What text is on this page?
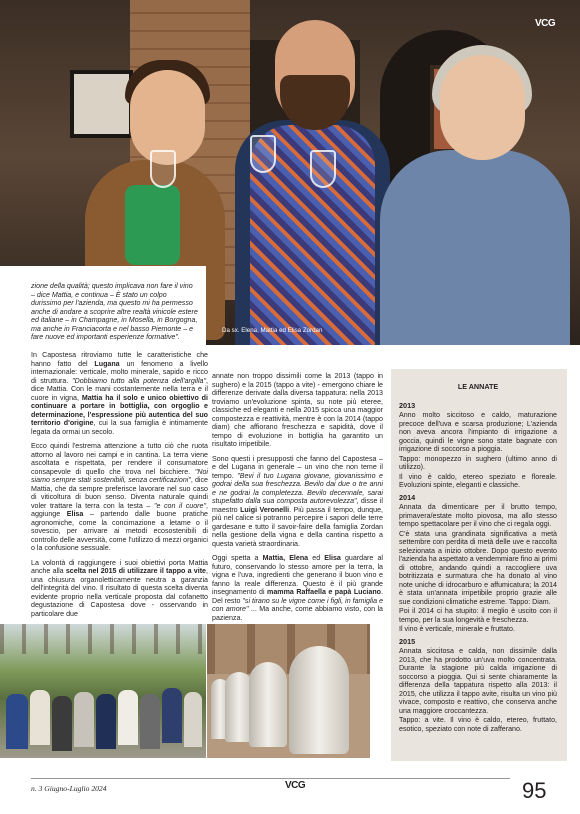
VCG
Da sx. Elena, Mattia ed Elisa Zordan

zione della qualità; questo implicava non fare il vino – dice Mattia, e continua – È stato un colpo durissimo per l'azienda, ma questo mi ha permesso anche di andare a scoprire altre realtà vinicole estere ed italiane – in Champagne, in Mosella, in Borgogna, ma anche in Franciacorta e nel basso Piemonte – e fare nuove ed importanti esperienze formative".

In Capostesa ritroviamo tutte le caratteristiche che hanno fatto del Lugana un fenomeno a livello internazionale: verticale, molto minerale, sapido e ricco di struttura. "Dobbiamo tutto alla potenza dell'argilla", dice Mattia. Con le mani costantemente nella terra e il cuore in vigna, Mattia ha il solo e unico obiettivo di continuare a portare in bottiglia, con orgoglio e determinazione, l'espressione più autentica del suo territorio d'origine, cui la sua famiglia è intimamente legata da ormai un secolo.

Ecco quindi l'estrema attenzione a tutto ciò che ruota attorno al lavoro nei campi e in cantina. La terra viene ascoltata e rispettata, per rendere il consumatore consapevole di quello che trova nel bicchiere. "Noi siamo sempre stati sostenibili, senza certificazioni", dice Mattia, che da sempre preferisce lavorare nel suo caso di viticoltura di buon senso. Diventa naturale quindi voler trattare la terra con la testa – "e con il cuore", aggiunge Elisa – partendo dalle buone pratiche agronomiche, come la concimazione a letame o il sovescio, per arrivare ai metodi ecosostenibili di controllo delle avversità, come l'utilizzo di mezzi organici o la confusione sessuale.

La volontà di raggiungere i suoi obiettivi porta Mattia anche alla scelta nel 2015 di utilizzare il tappo a vite, una chiusura organoletticamente neutra a garanzia dell'integrità del vino. Il risultato di questa scelta diventa evidente proprio nella verticale proposta dal cofanetto degustazione di Capostesa dove - osservando in particolare due

annate non troppo dissimili come la 2013 (tappo in sughero) e la 2015 (tappo a vite) - emergono chiare le differenze derivate dalla diversa tappatura: nella 2013 troviamo un'evoluzione spinta, su note più eteree, classiche ed eleganti e nella 2015 spicca una maggior compostezza e reattività, mentre è con la 2014 (tappo diam) che affiorano freschezza e sapidità, dove il tempo di evoluzione in bottiglia ha garantito un risultato irripetibile.

Sono questi i presupposti che fanno del Capostesa – e del Lugana in generale – un vino che non teme il tempo. "Bevi il tuo Lugana giovane, giovanissimo e godrai della sua freschezza. Bevilo dai due o tre anni e ne godrai la completezza. Bevilo decennale, sarai stupefatto dalla sua composta autorevolezza", disse il maestro Luigi Veronelli. Più passa il tempo, dunque, più nel calice si potranno percepire i sapori delle terre gardesane e tutto il savoir-faire della famiglia Zordan nella gestione della vigna e della cantina rispetto a questa varietà straordinaria.

Oggi spetta a Mattia, Elena ed Elisa guardare al futuro, conservando lo stesso amore per la terra, la vigna e l'uva, ingredienti che generano il buon vino e fanno la reale differenza. Questo è il più grande insegnamento di mamma Raffaella e papà Luciano. Del resto "si tirano su le vigne come i figli, in famiglia e con amore" ... Ma anche, come abbiamo visto, con la pazienza.

LE ANNATE
2013

Anno molto siccitoso e caldo, maturazione precoce dell'uva e scarsa produzione; L'azienda non aveva ancora l'impianto di irrigazione a goccia, quindi le vigne sono state bagnate con irrigazione di soccorso a pioggia.

Tappo: monopezzo in sughero (ultimo anno di utilizzo).

Il vino è caldo, etereo speziato e floreale. Evoluzioni spinte, eleganti e classiche.

2014

Annata da dimenticare per il brutto tempo, primavera/estate molto piovosa, ma allo stesso tempo spettacolare per il vino che ci regala oggi.

C'è stata una grandinata significativa a metà settembre con perdita di metà delle uve e raccolta selezionata a inizio ottobre. Dopo questo evento l'azienda ha aspettato a vendemmiare fino ai primi di ottobre, andando quindi a raccogliere uva botritizzata e surmatura che ha donato al vino note uniche di idrocarburo e affumicatura; la 2014 è stata un'annata irripetibile proprio grazie alle sue condizioni climatiche estreme. Tappo: Diam.

Poi il 2014 ci ha stupito: il meglio è uscito con il tempo, per la sua longevità e freschezza.

Il vino è verticale, minerale e fruttato.

2015

Annata siccitosa e calda, non dissimile dalla 2013, che ha prodotto un'uva molto concentrata. Durante la stagione più calda irrigazione di soccorso a pioggia. Qui si sente chiaramente la differenza della tappatura rispetto alla 2013: il 2015, che utilizza il tappo avite, risulta un vino più vivace, composto e reattivo, che conserva anche una maggiore croccantezza.

Tappo: a vite. Il vino è caldo, etereo, fruttato, esotico, speziato con note di zafferano.

n. 3 Giugno-Luglio 2024	VCG	95
